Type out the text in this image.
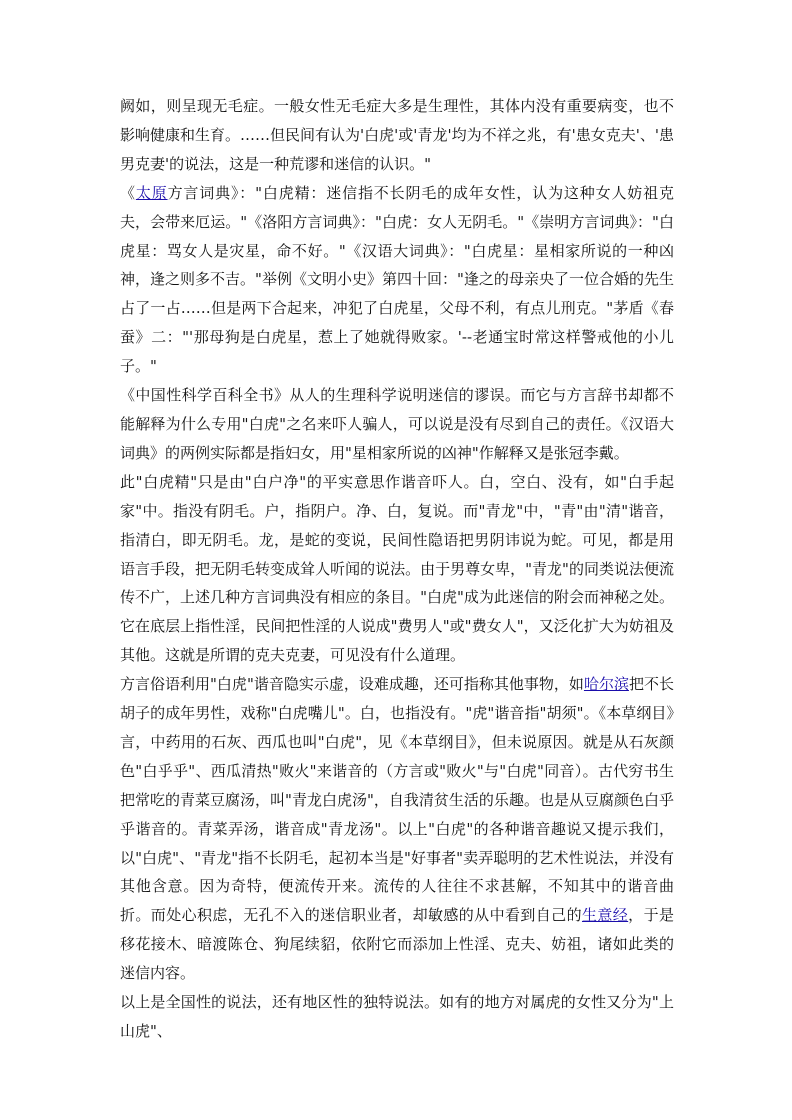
阙如，则呈现无毛症。一般女性无毛症大多是生理性，其体内没有重要病变，也不影响健康和生育。……但民间有认为'白虎'或'青龙'均为不祥之兆，有'患女克夫'、'患男克妻'的说法，这是一种荒谬和迷信的认识。"

《太原方言词典》："白虎精：迷信指不长阴毛的成年女性，认为这种女人妨祖克夫，会带来厄运。"《洛阳方言词典》："白虎：女人无阴毛。"《崇明方言词典》："白虎星：骂女人是灾星，命不好。"《汉语大词典》："白虎星：星相家所说的一种凶神，逢之则多不吉。"举例《文明小史》第四十回："逢之的母亲央了一位合婚的先生占了一占……但是两下合起来，冲犯了白虎星，父母不利，有点儿刑克。"茅盾《春蚕》二："'那母狗是白虎星，惹上了她就得败家。'--老通宝时常这样警戒他的小儿子。"

《中国性科学百科全书》从人的生理科学说明迷信的谬误。而它与方言辞书却都不能解释为什么专用"白虎"之名来吓人骗人，可以说是没有尽到自己的责任。《汉语大词典》的两例实际都是指妇女，用"星相家所说的凶神"作解释又是张冠李戴。

此"白虎精"只是由"白户净"的平实意思作谐音吓人。白，空白、没有，如"白手起家"中。指没有阴毛。户，指阴户。净、白，复说。而"青龙"中，"青"由"清"谐音，指清白，即无阴毛。龙，是蛇的变说，民间性隐语把男阴讳说为蛇。可见，都是用语言手段，把无阴毛转变成耸人听闻的说法。由于男尊女卑，"青龙"的同类说法便流传不广，上述几种方言词典没有相应的条目。"白虎"成为此迷信的附会而神秘之处。它在底层上指性淫，民间把性淫的人说成"费男人"或"费女人"，又泛化扩大为妨祖及其他。这就是所谓的克夫克妻，可见没有什么道理。

方言俗语利用"白虎"谐音隐实示虚，设难成趣，还可指称其他事物，如哈尔滨把不长胡子的成年男性，戏称"白虎嘴儿"。白，也指没有。"虎"谐音指"胡须"。《本草纲目》言，中药用的石灰、西瓜也叫"白虎"，见《本草纲目》，但未说原因。就是从石灰颜色"白乎乎"、西瓜清热"败火"来谐音的（方言或"败火"与"白虎"同音）。古代穷书生把常吃的青菜豆腐汤，叫"青龙白虎汤"，自我清贫生活的乐趣。也是从豆腐颜色白乎乎谐音的。青菜弄汤，谐音成"青龙汤"。以上"白虎"的各种谐音趣说又提示我们，以"白虎"、"青龙"指不长阴毛，起初本当是"好事者"卖弄聪明的艺术性说法，并没有其他含意。因为奇特，便流传开来。流传的人往往不求甚解，不知其中的谐音曲折。而处心积虑，无孔不入的迷信职业者，却敏感的从中看到自己的生意经，于是移花接木、暗渡陈仓、狗尾续貂，依附它而添加上性淫、克夫、妨祖，诸如此类的迷信内容。

以上是全国性的说法，还有地区性的独特说法。如有的地方对属虎的女性又分为"上山虎"、
